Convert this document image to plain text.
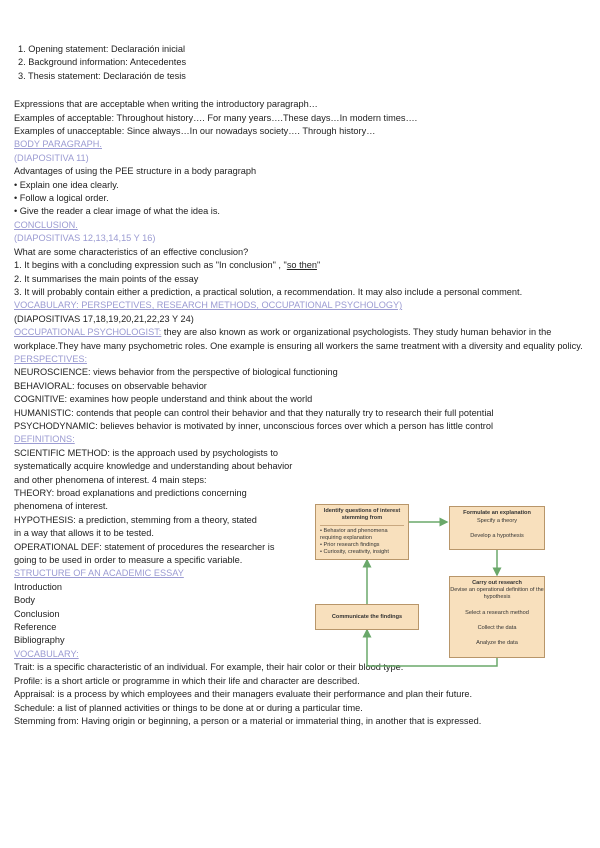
1. Opening statement: Declaración inicial
2. Background information: Antecedentes
3. Thesis statement: Declaración de tesis
Expressions that are acceptable when writing the introductory paragraph…
Examples of acceptable: Throughout history…. For many years….These days…In modern times….
Examples of unacceptable: Since always…In our nowadays society…. Through history…
BODY PARAGRAPH.
(DIAPOSITIVA 11)
Advantages of using the PEE structure in a body paragraph
• Explain one idea clearly.
• Follow a logical order.
• Give the reader a clear image of what the idea is.
CONCLUSION.
(DIAPOSITIVAS 12,13,14,15 Y 16)
What are some characteristics of an effective conclusion?
1. It begins with a concluding expression such as "In conclusion" , "so then"
2. It summarises the main points of the essay
3. It will probably contain either a prediction, a practical solution, a recommendation. It may also include a personal comment.
VOCABULARY: PERSPECTIVES, RESEARCH METHODS, OCCUPATIONAL PSYCHOLOGY)
(DIAPOSITIVAS 17,18,19,20,21,22,23 Y 24)
OCCUPATIONAL PSYCHOLOGIST: they are also known as work or organizational psychologists. They study human behavior in the workplace.They have many psychometric roles. One example is ensuring all workers the same treatment with a diversity and equality policy.
PERSPECTIVES:
NEUROSCIENCE: views behavior from the perspective of biological functioning
BEHAVIORAL: focuses on observable behavior
COGNITIVE: examines how people understand and think about the world
HUMANISTIC: contends that people can control their behavior and that they naturally try to research their full potential
PSYCHODYNAMIC: believes behavior is motivated by inner, unconscious forces over which a person has little control
DEFINITIONS:
SCIENTIFIC METHOD: is the approach used by psychologists to systematically acquire knowledge and understanding about behavior and other phenomena of interest. 4 main steps:
THEORY: broad explanations and predictions concerning phenomena of interest.
HYPOTHESIS: a prediction, stemming from a theory, stated in a way that allows it to be tested.
OPERATIONAL DEF: statement of procedures the researcher is going to be used in order to measure a specific variable.
STRUCTURE OF AN ACADEMIC ESSAY
Introduction
Body
Conclusion
Reference
Bibliography
VOCABULARY:
Trait: is a specific characteristic of an individual. For example, their hair color or their blood type.
Profile: is a short article or programme in which their life and character are described.
Appraisal: is a process by which employees and their managers evaluate their performance and plan their future.
Schedule: a list of planned activities or things to be done at or during a particular time.
Stemming from: Having origin or beginning, a person or a material or immaterial thing, in another that is expressed.
Identify questions of interest stemming from
• Behavior and phenomena requiring explanation
• Prior research findings
• Curiosity, creativity, insight
Formulate an explanation
Specify a theory
Develop a hypothesis
Communicate the findings
Carry out research
Devise an operational definition of the hypothesis
Select a research method
Collect the data
Analyze the data
